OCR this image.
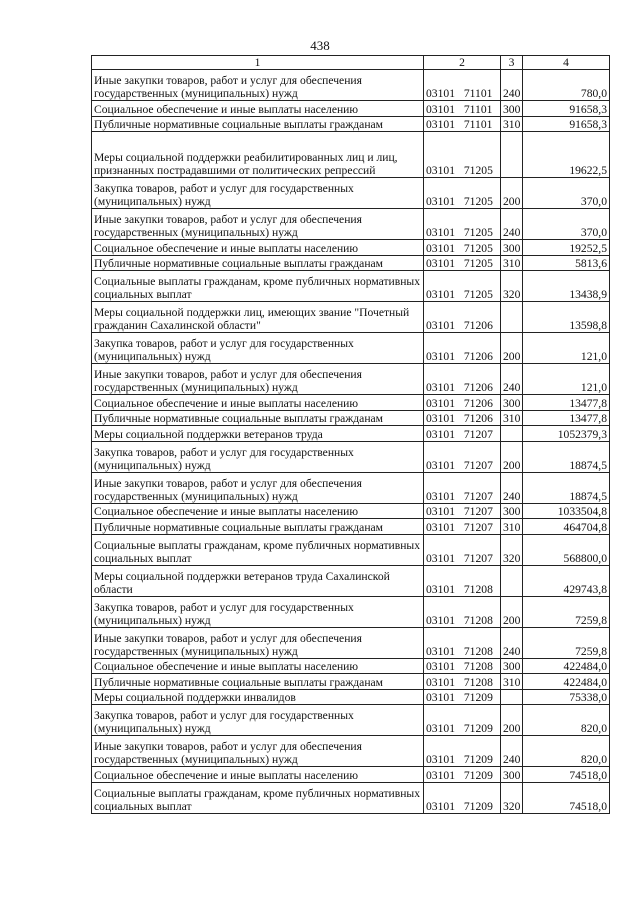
438
1	2	3	4
Иные закупки товаров, работ и услуг для обеспечения государственных (муниципальных) нужд	03101 71101	240	780,0
Социальное обеспечение и иные выплаты населению	03101 71101	300	91658,3
Публичные нормативные социальные выплаты гражданам	03101 71101	310	91658,3
Меры социальной поддержки реабилитированных лиц и лиц, признанных пострадавшими от политических репрессий	03101 71205		19622,5
Закупка товаров, работ и услуг для государственных (муниципальных) нужд	03101 71205	200	370,0
Иные закупки товаров, работ и услуг для обеспечения государственных (муниципальных) нужд	03101 71205	240	370,0
Социальное обеспечение и иные выплаты населению	03101 71205	300	19252,5
Публичные нормативные социальные выплаты гражданам	03101 71205	310	5813,6
Социальные выплаты гражданам, кроме публичных нормативных социальных выплат	03101 71205	320	13438,9
Меры социальной поддержки лиц, имеющих звание "Почетный гражданин Сахалинской области"	03101 71206		13598,8
Закупка товаров, работ и услуг для государственных (муниципальных) нужд	03101 71206	200	121,0
Иные закупки товаров, работ и услуг для обеспечения государственных (муниципальных) нужд	03101 71206	240	121,0
Социальное обеспечение и иные выплаты населению	03101 71206	300	13477,8
Публичные нормативные социальные выплаты гражданам	03101 71206	310	13477,8
Меры социальной поддержки ветеранов труда	03101 71207		1052379,3
Закупка товаров, работ и услуг для государственных (муниципальных) нужд	03101 71207	200	18874,5
Иные закупки товаров, работ и услуг для обеспечения государственных (муниципальных) нужд	03101 71207	240	18874,5
Социальное обеспечение и иные выплаты населению	03101 71207	300	1033504,8
Публичные нормативные социальные выплаты гражданам	03101 71207	310	464704,8
Социальные выплаты гражданам, кроме публичных нормативных социальных выплат	03101 71207	320	568800,0
Меры социальной поддержки ветеранов труда Сахалинской области	03101 71208		429743,8
Закупка товаров, работ и услуг для государственных (муниципальных) нужд	03101 71208	200	7259,8
Иные закупки товаров, работ и услуг для обеспечения государственных (муниципальных) нужд	03101 71208	240	7259,8
Социальное обеспечение и иные выплаты населению	03101 71208	300	422484,0
Публичные нормативные социальные выплаты гражданам	03101 71208	310	422484,0
Меры социальной поддержки инвалидов	03101 71209		75338,0
Закупка товаров, работ и услуг для государственных (муниципальных) нужд	03101 71209	200	820,0
Иные закупки товаров, работ и услуг для обеспечения государственных (муниципальных) нужд	03101 71209	240	820,0
Социальное обеспечение и иные выплаты населению	03101 71209	300	74518,0
Социальные выплаты гражданам, кроме публичных нормативных социальных выплат	03101 71209	320	74518,0
